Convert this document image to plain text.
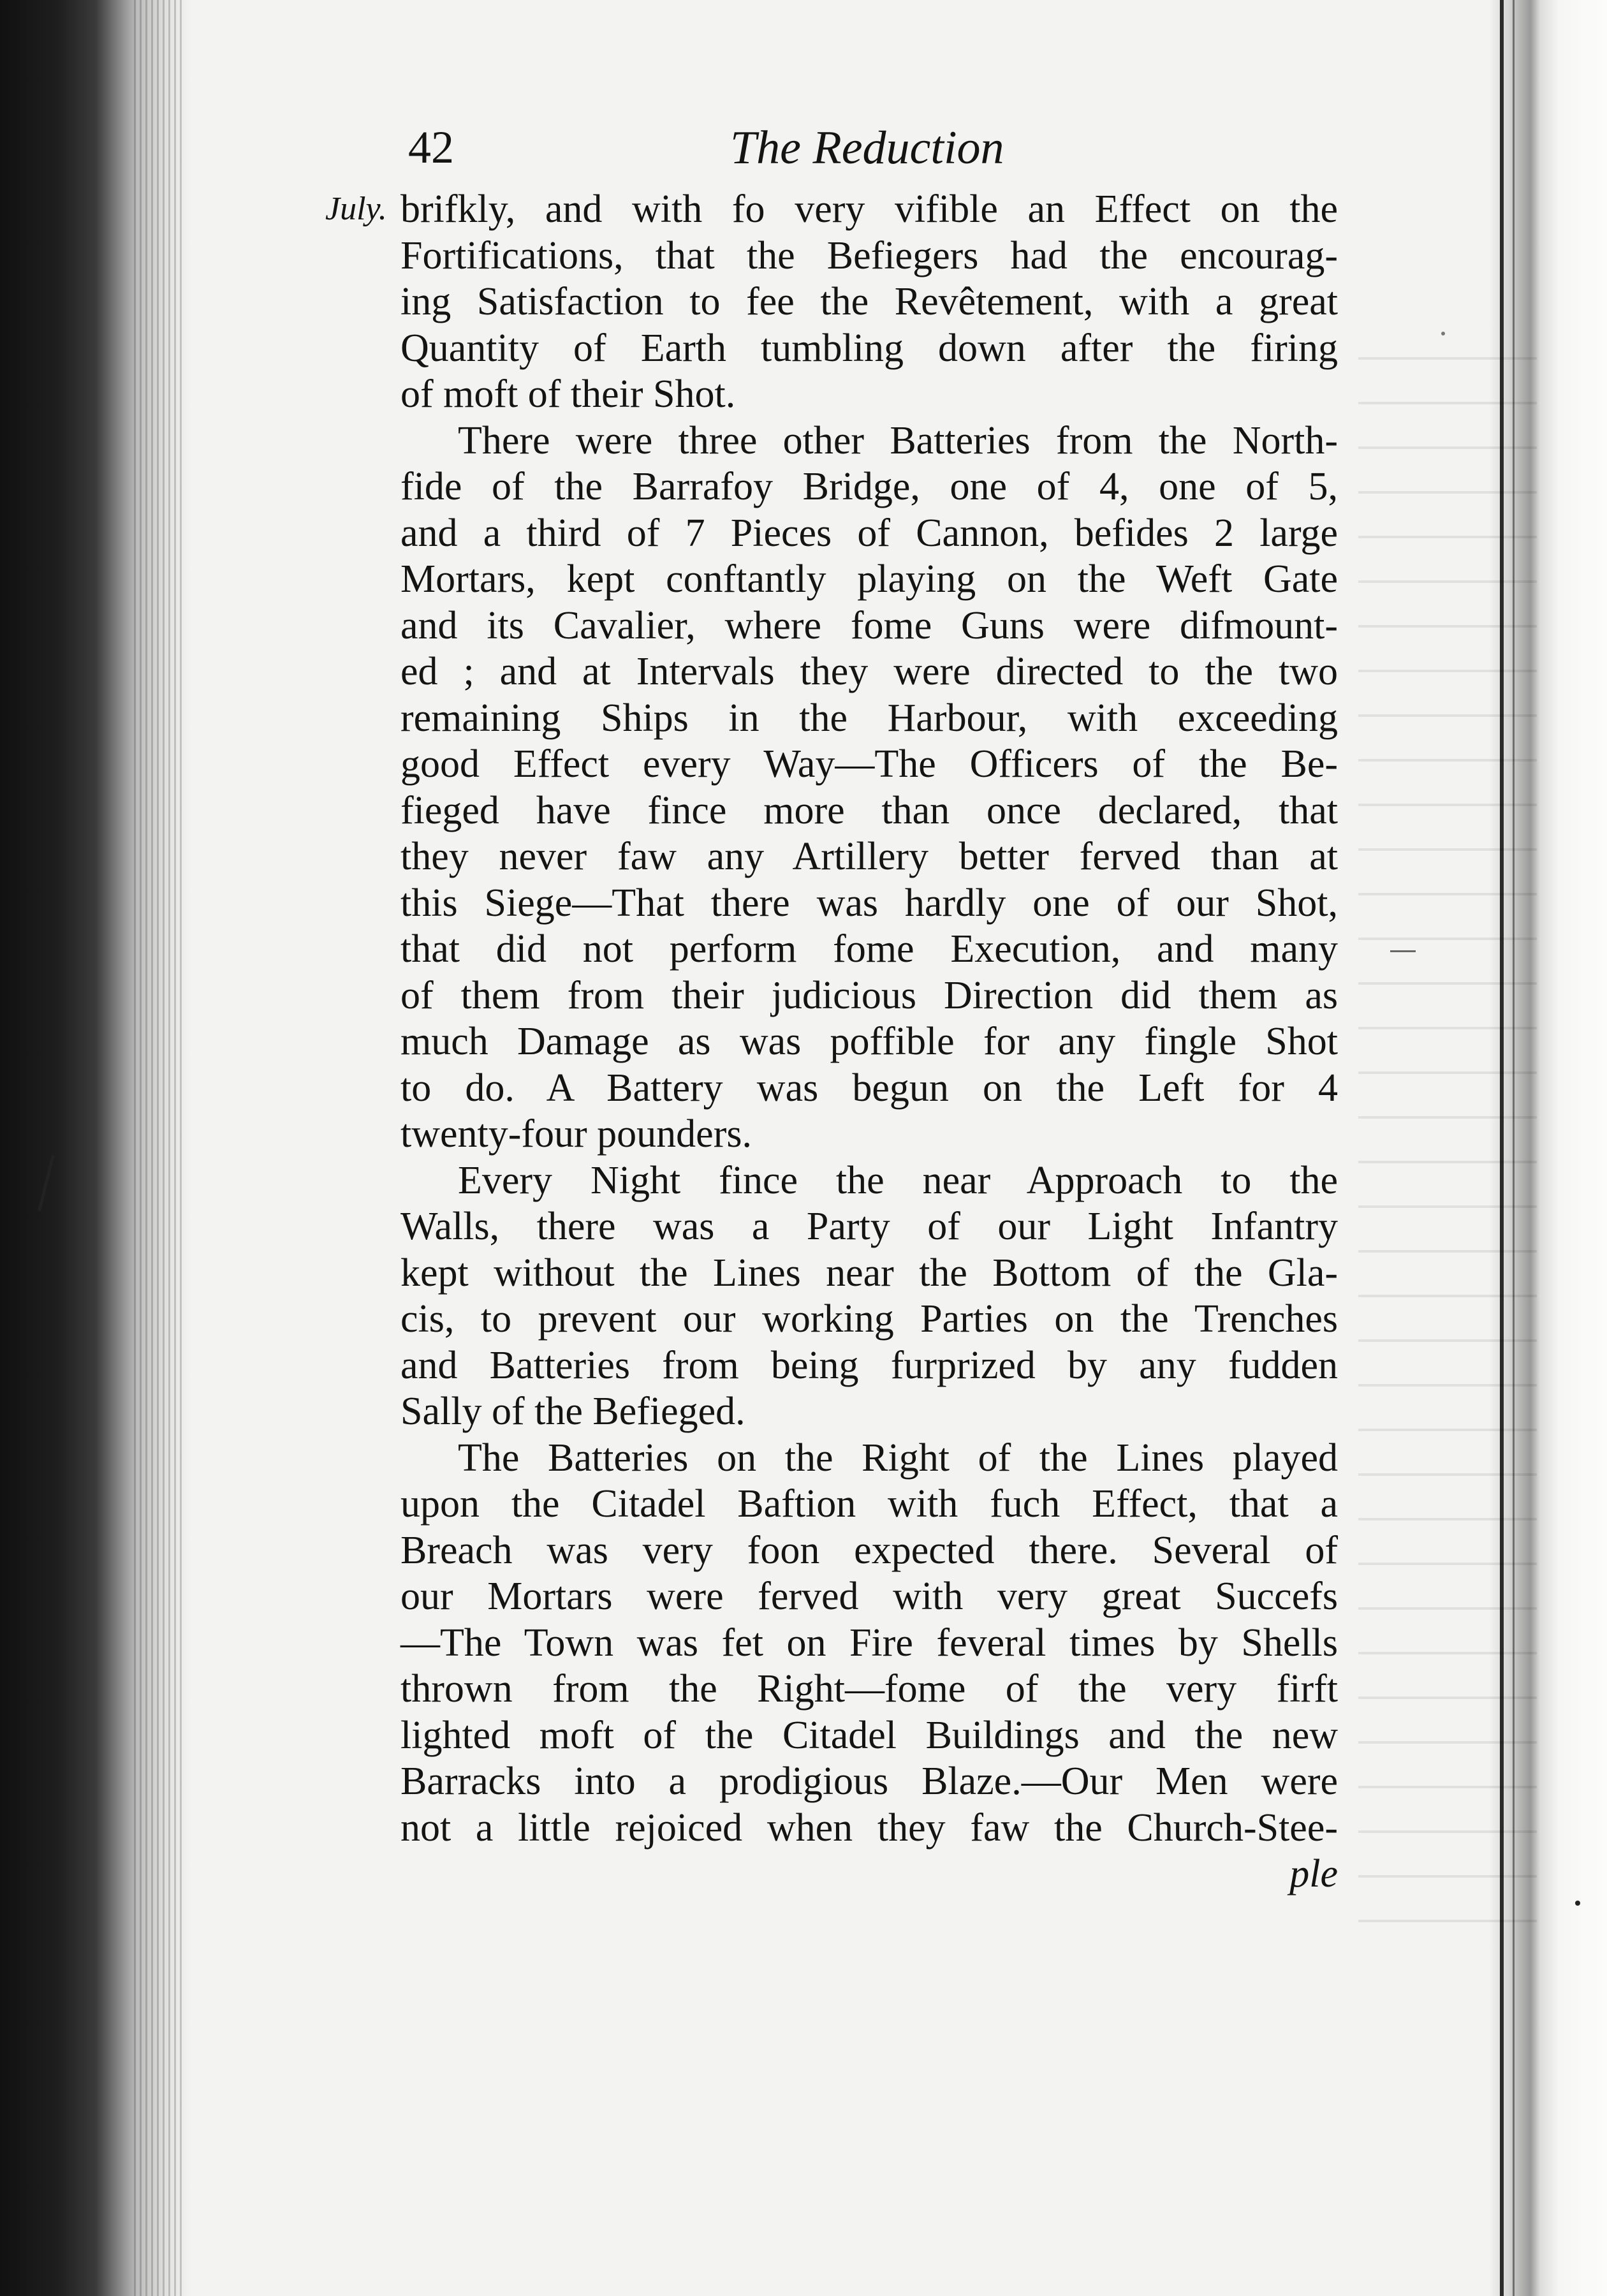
42	The Reduction
July. brifkly, and with fo very vifible an Effect on the
Fortifications, that the Befiegers had the encourag-
ing Satisfaction to fee the Revêtement, with a great
Quantity of Earth tumbling down after the firing
of moft of their Shot.
There were three other Batteries from the North-
fide of the Barrafoy Bridge, one of 4, one of 5,
and a third of 7 Pieces of Cannon, befides 2 large
Mortars, kept conftantly playing on the Weft Gate
and its Cavalier, where fome Guns were difmount-
ed ; and at Intervals they were directed to the two
remaining Ships in the Harbour, with exceeding
good Effect every Way—The Officers of the Be-
fieged have fince more than once declared, that
they never faw any Artillery better ferved than at
this Siege—That there was hardly one of our Shot,
that did not perform fome Execution, and many
of them from their judicious Direction did them as
much Damage as was poffible for any fingle Shot
to do. A Battery was begun on the Left for 4
twenty-four pounders.
Every Night fince the near Approach to the
Walls, there was a Party of our Light Infantry
kept without the Lines near the Bottom of the Gla-
cis, to prevent our working Parties on the Trenches
and Batteries from being furprized by any fudden
Sally of the Befieged.
The Batteries on the Right of the Lines played
upon the Citadel Baftion with fuch Effect, that a
Breach was very foon expected there. Several of
our Mortars were ferved with very great Succefs
—The Town was fet on Fire feveral times by Shells
thrown from the Right—fome of the very firft
lighted moft of the Citadel Buildings and the new
Barracks into a prodigious Blaze.—Our Men were
not a little rejoiced when they faw the Church-Stee-
ple
